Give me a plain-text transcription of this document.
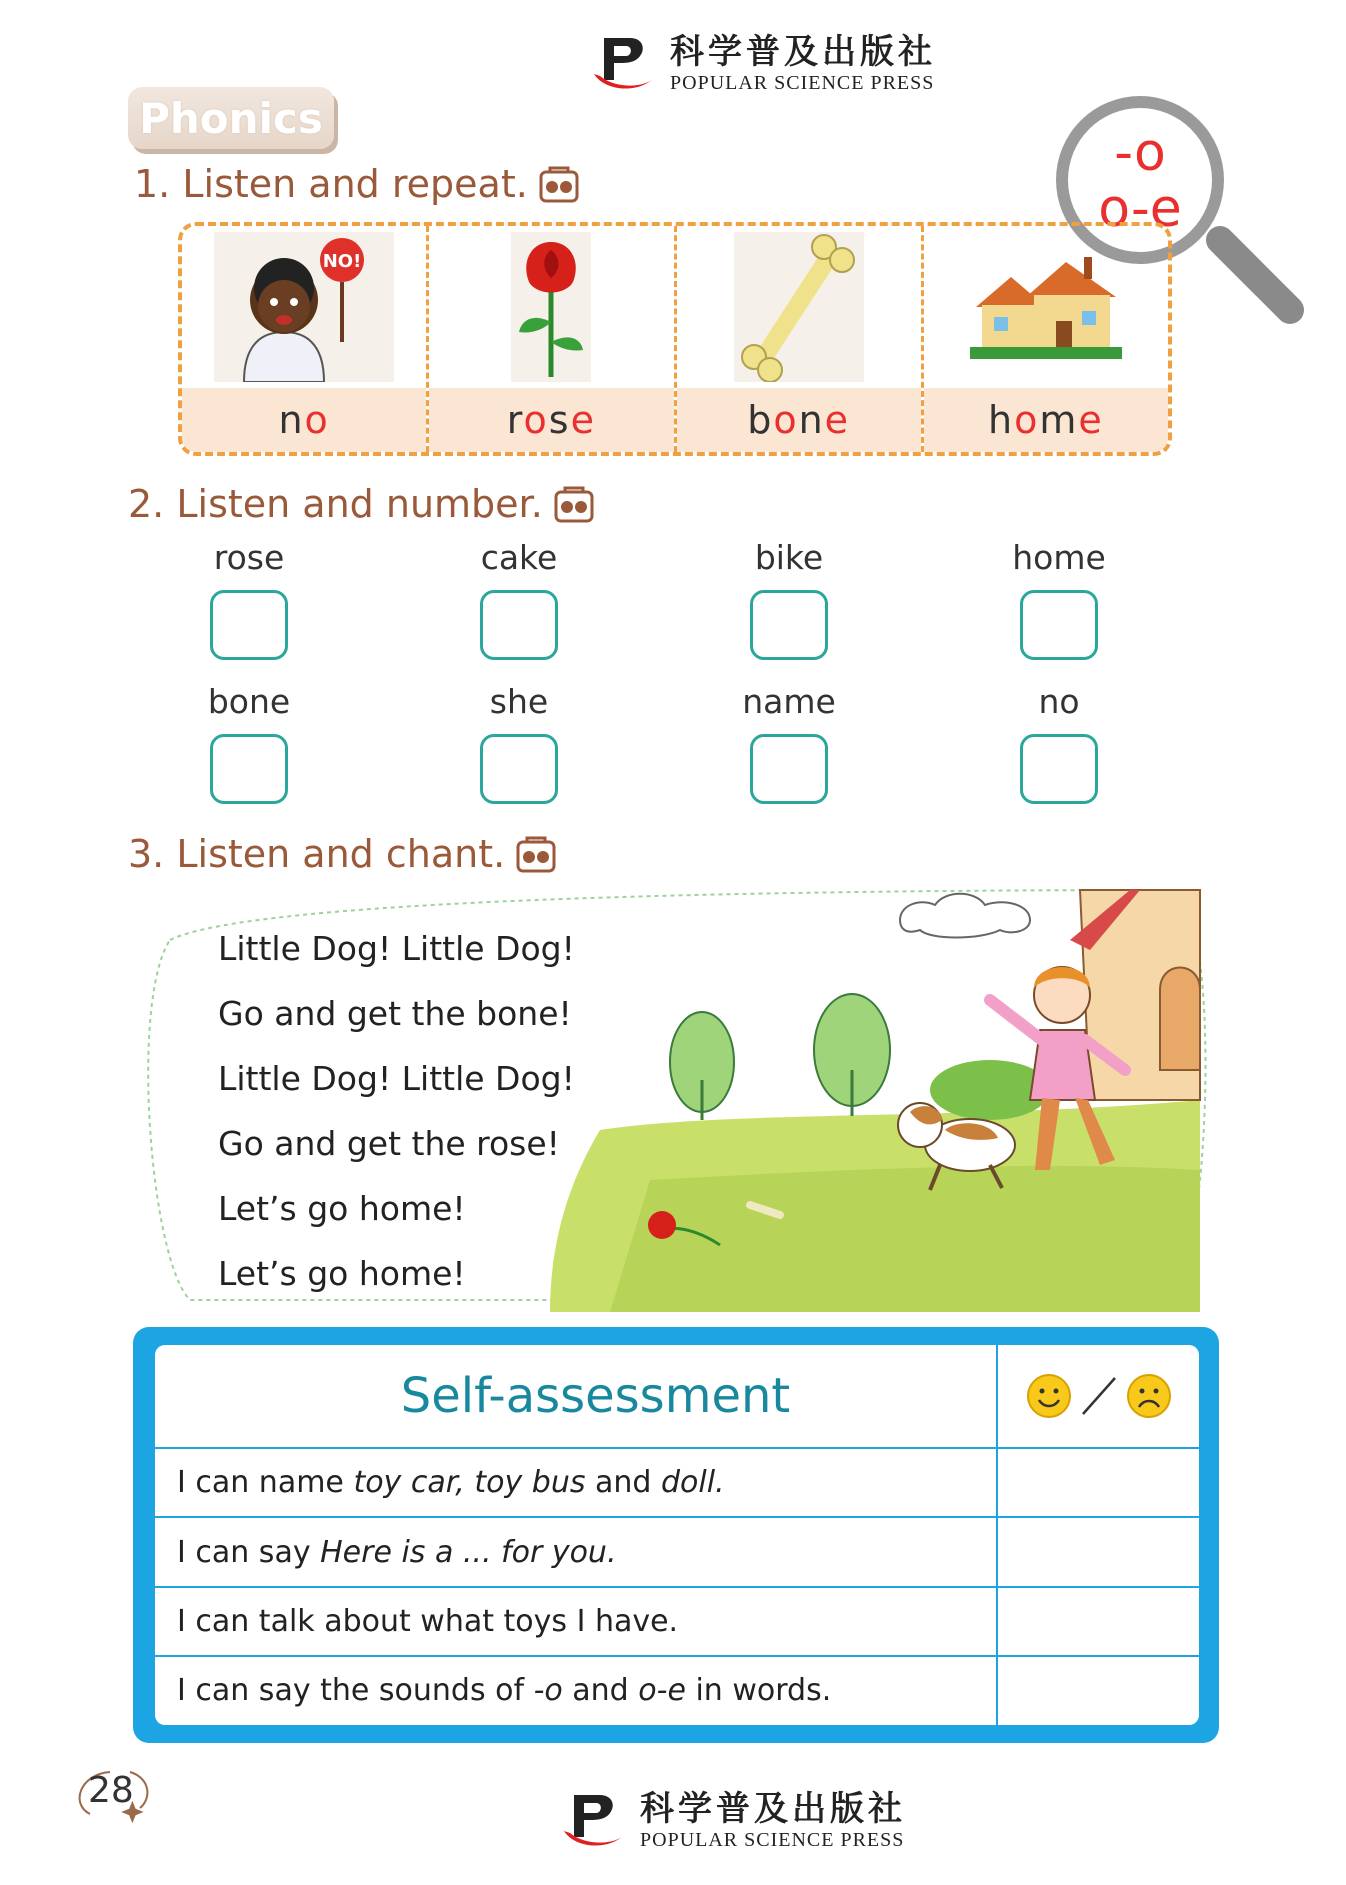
科学普及出版社
POPULAR SCIENCE PRESS
Phonics
-o
o-e
1. Listen and repeat.
NO!
no	rose	bone	home
2. Listen and number.
rose	cake	bike	home
bone	she	name	no
3. Listen and chant.
Little Dog! Little Dog!
Go and get the bone!
Little Dog! Little Dog!
Go and get the rose!
Let’s go home!
Let’s go home!
Self-assessment	

I can name toy car, toy bus and doll.	
I can say Here is a ... for you.	
I can talk about what toys I have.	
I can say the sounds of -o and o-e in words.	
28	科学普及出版社
POPULAR SCIENCE PRESS
